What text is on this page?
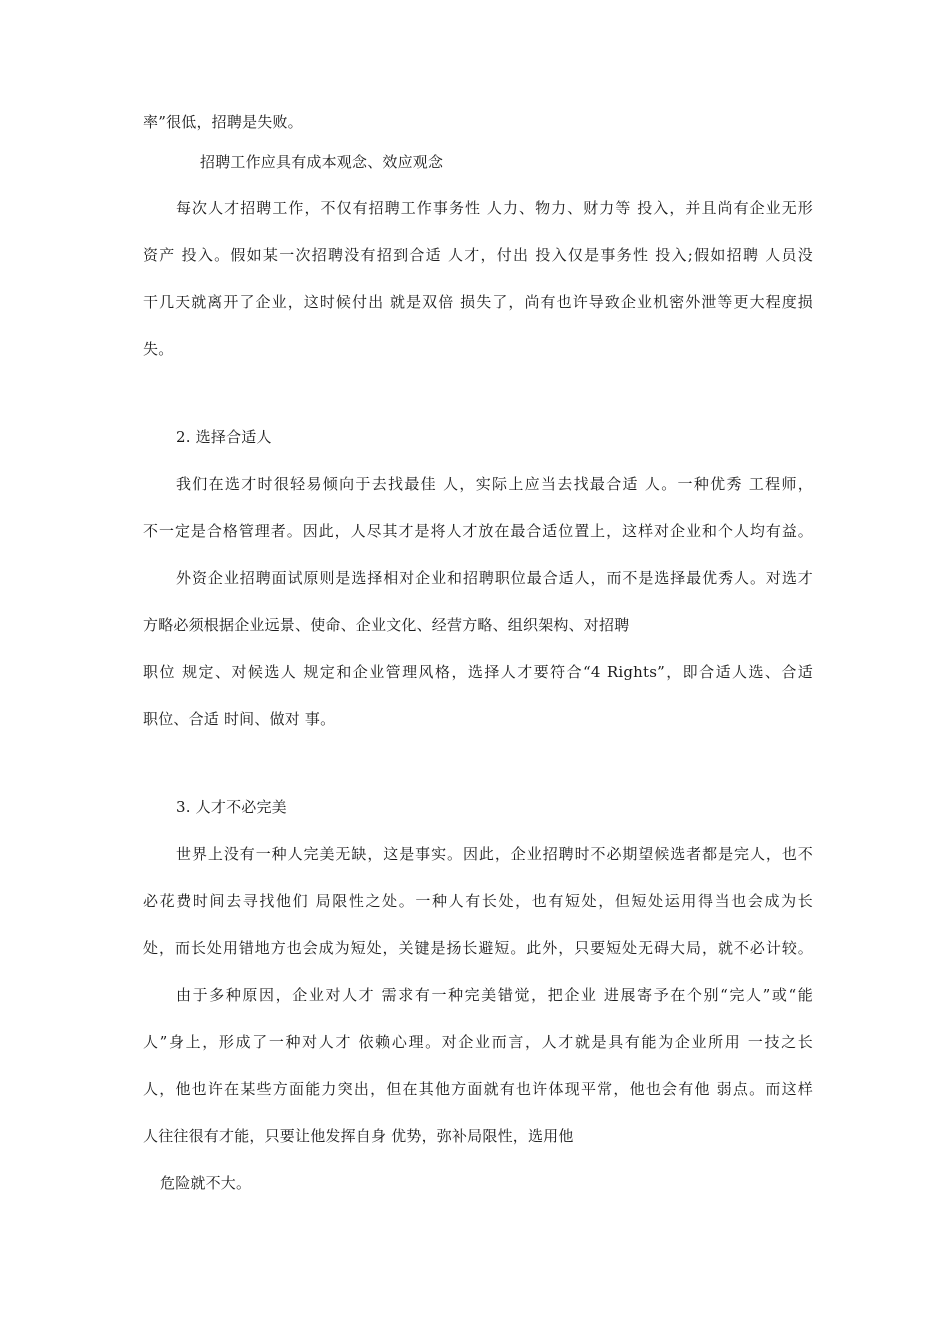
率”很低，招聘是失败。
招聘工作应具有成本观念、效应观念
每次人才招聘工作，不仅有招聘工作事务性 人力、物力、财力等 投入，并且尚有企业无形
资产 投入。假如某一次招聘没有招到合适 人才，付出 投入仅是事务性 投入;假如招聘 人员没
干几天就离开了企业，这时候付出 就是双倍 损失了，尚有也许导致企业机密外泄等更大程度损
失。
2. 选择合适人
我们在选才时很轻易倾向于去找最佳 人，实际上应当去找最合适 人。一种优秀 工程师，
不一定是合格管理者。因此，人尽其才是将人才放在最合适位置上，这样对企业和个人均有益。
外资企业招聘面试原则是选择相对企业和招聘职位最合适人，而不是选择最优秀人。对选才
方略必须根据企业远景、使命、企业文化、经营方略、组织架构、对招聘
职位 规定、对候选人 规定和企业管理风格，选择人才要符合“4 Rights”，即合适人选、合适
职位、合适 时间、做对 事。
3. 人才不必完美
世界上没有一种人完美无缺，这是事实。因此，企业招聘时不必期望候选者都是完人，也不
必花费时间去寻找他们 局限性之处。一种人有长处，也有短处，但短处运用得当也会成为长
处，而长处用错地方也会成为短处，关键是扬长避短。此外，只要短处无碍大局，就不必计较。
由于多种原因，企业对人才 需求有一种完美错觉，把企业 进展寄予在个别“完人”或“能
人”身上，形成了一种对人才 依赖心理。对企业而言，人才就是具有能为企业所用 一技之长
人，他也许在某些方面能力突出，但在其他方面就有也许体现平常，他也会有他 弱点。而这样
人往往很有才能，只要让他发挥自身 优势，弥补局限性，选用他
危险就不大。
